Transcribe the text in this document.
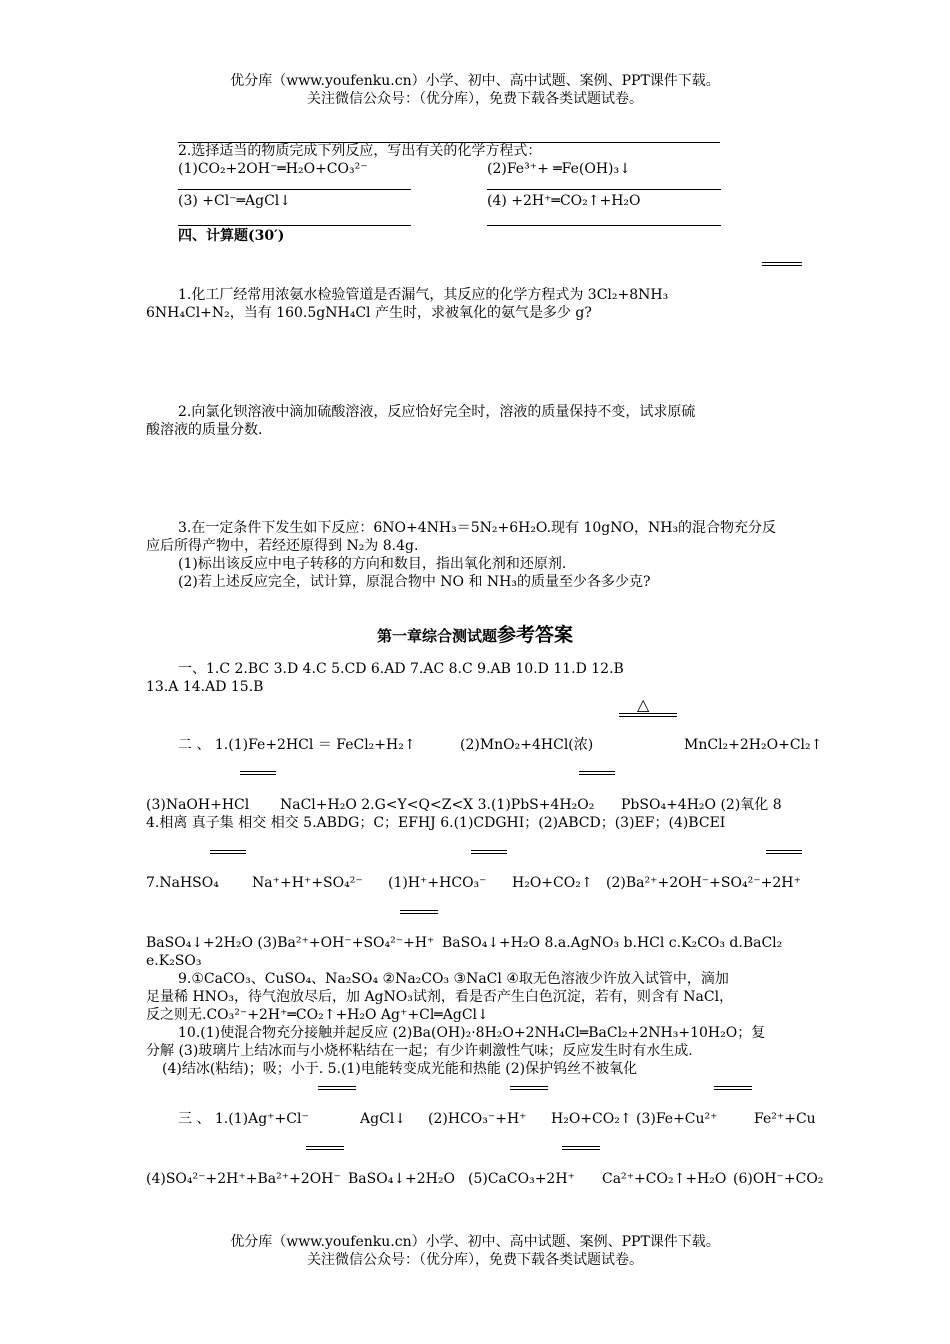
优分库（www.youfenku.cn）小学、初中、高中试题、案例、PPT课件下载。
关注微信公众号：（优分库），免费下载各类试题试卷。
2.选择适当的物质完成下列反应，写出有关的化学方程式：
(1)CO₂+2OH⁻═H₂O+CO₃²⁻	(2)Fe³⁺+ ═Fe(OH)₃↓
(3) +Cl⁻═AgCl↓	(4) +2H⁺═CO₂↑+H₂O
四、计算题(30′)
1.化工厂经常用浓氨水检验管道是否漏气，其反应的化学方程式为 3Cl₂+8NH₃
6NH₄Cl+N₂，当有 160.5gNH₄Cl 产生时，求被氧化的氨气是多少 g?
2.向氯化钡溶液中滴加硫酸溶液，反应恰好完全时，溶液的质量保持不变，试求原硫
酸溶液的质量分数.
3.在一定条件下发生如下反应：6NO+4NH₃＝5N₂+6H₂O.现有 10gNO，NH₃的混合物充分反
应后所得产物中，若经还原得到 N₂为 8.4g.
(1)标出该反应中电子转移的方向和数目，指出氧化剂和还原剂.
(2)若上述反应完全，试计算，原混合物中 NO 和 NH₃的质量至少各多少克?
第一章综合测试题参考答案
一、1.C 2.BC 3.D 4.C 5.CD 6.AD 7.AC 8.C 9.AB 10.D 11.D 12.B
13.A 14.AD 15.B
△
二 、 1.(1)Fe+2HCl ＝ FeCl₂+H₂↑	(2)MnO₂+4HCl(浓)	MnCl₂+2H₂O+Cl₂↑
(3)NaOH+HCl NaCl+H₂O 2.G<Y<Q<Z<X 3.(1)PbS+4H₂O₂ PbSO₄+4H₂O (2)氧化 8
4.相离 真子集 相交 相交 5.ABDG；C；EFHJ 6.(1)CDGHI；(2)ABCD；(3)EF；(4)BCEI
7.NaHSO₄ Na⁺+H⁺+SO₄²⁻ (1)H⁺+HCO₃⁻ H₂O+CO₂↑ (2)Ba²⁺+2OH⁻+SO₄²⁻+2H⁺
BaSO₄↓+2H₂O (3)Ba²⁺+OH⁻+SO₄²⁻+H⁺ BaSO₄↓+H₂O 8.a.AgNO₃ b.HCl c.K₂CO₃ d.BaCl₂
e.K₂SO₃
9.①CaCO₃、CuSO₄、Na₂SO₄ ②Na₂CO₃ ③NaCl ④取无色溶液少许放入试管中，滴加
足量稀 HNO₃，待气泡放尽后，加 AgNO₃试剂，看是否产生白色沉淀，若有，则含有 NaCl，
反之则无.CO₃²⁻+2H⁺═CO₂↑+H₂O Ag⁺+Cl═AgCl↓
10.(1)使混合物充分接触并起反应 (2)Ba(OH)₂·8H₂O+2NH₄Cl═BaCl₂+2NH₃+10H₂O；复
分解 (3)玻璃片上结冰而与小烧杯粘结在一起；有少许刺激性气味；反应发生时有水生成.
(4)结冰(粘结)；吸；小于. 5.(1)电能转变成光能和热能 (2)保护钨丝不被氧化
三 、 1.(1)Ag⁺+Cl⁻	AgCl↓ (2)HCO₃⁻+H⁺ H₂O+CO₂↑ (3)Fe+Cu²⁺	Fe²⁺+Cu
(4)SO₄²⁻+2H⁺+Ba²⁺+2OH⁻ BaSO₄↓+2H₂O (5)CaCO₃+2H⁺ Ca²⁺+CO₂↑+H₂O (6)OH⁻+CO₂
优分库（www.youfenku.cn）小学、初中、高中试题、案例、PPT课件下载。
关注微信公众号：（优分库），免费下载各类试题试卷。
